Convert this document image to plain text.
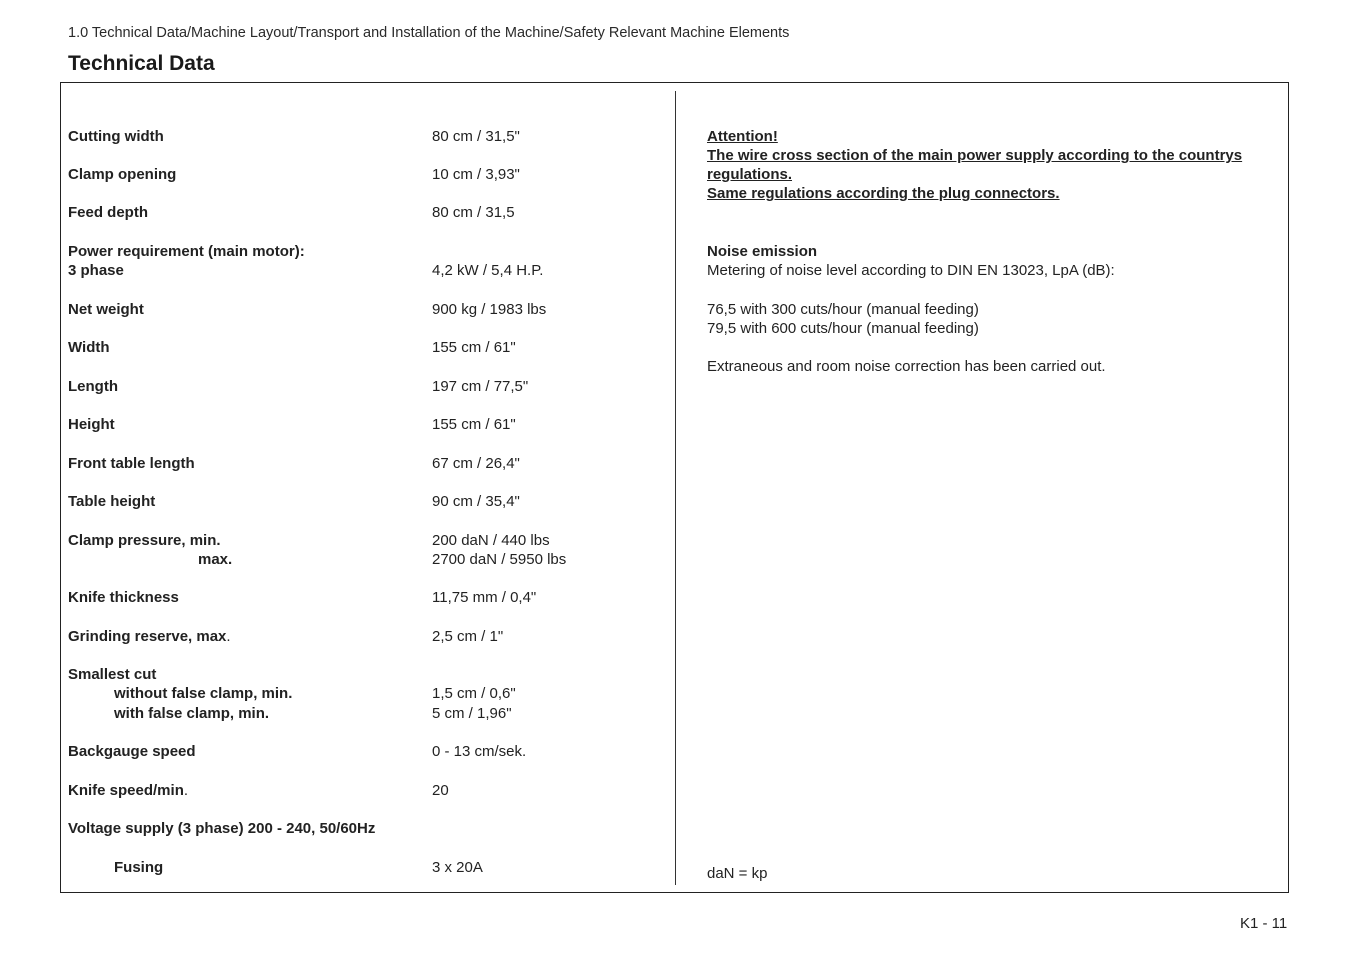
1.0 Technical Data/Machine Layout/Transport and Installation of the Machine/Safety Relevant Machine Elements
Technical Data
Cutting width
Clamp opening
Feed depth
Power requirement (main motor):
3 phase
Net weight
Width
Length
Height
Front table length
Table height
Clamp pressure, min.
max.
Knife thickness
Grinding reserve, max.
Smallest cut
without false clamp, min.
with false clamp, min.
Backgauge speed
Knife speed/min.
Voltage supply (3 phase) 200 - 240, 50/60Hz
Fusing
80 cm / 31,5"
10 cm / 3,93"
80 cm / 31,5
4,2 kW / 5,4 H.P.
900 kg / 1983 lbs
155 cm / 61"
197 cm / 77,5"
155 cm / 61"
67 cm / 26,4"
90 cm / 35,4"
200 daN / 440 lbs
2700 daN / 5950 lbs
11,75 mm / 0,4"
2,5 cm / 1"
1,5 cm / 0,6"
5 cm / 1,96"
0 - 13 cm/sek.
20
3 x 20A
Attention!
The wire cross section of the main power supply according to the countrys
regulations.
Same regulations according the plug connectors.
Noise emission
Metering of noise level according to DIN EN 13023, LpA (dB):
76,5 with 300 cuts/hour (manual feeding)
79,5 with 600 cuts/hour (manual feeding)
Extraneous and room noise correction has been carried out.
daN = kp
K1 - 11
